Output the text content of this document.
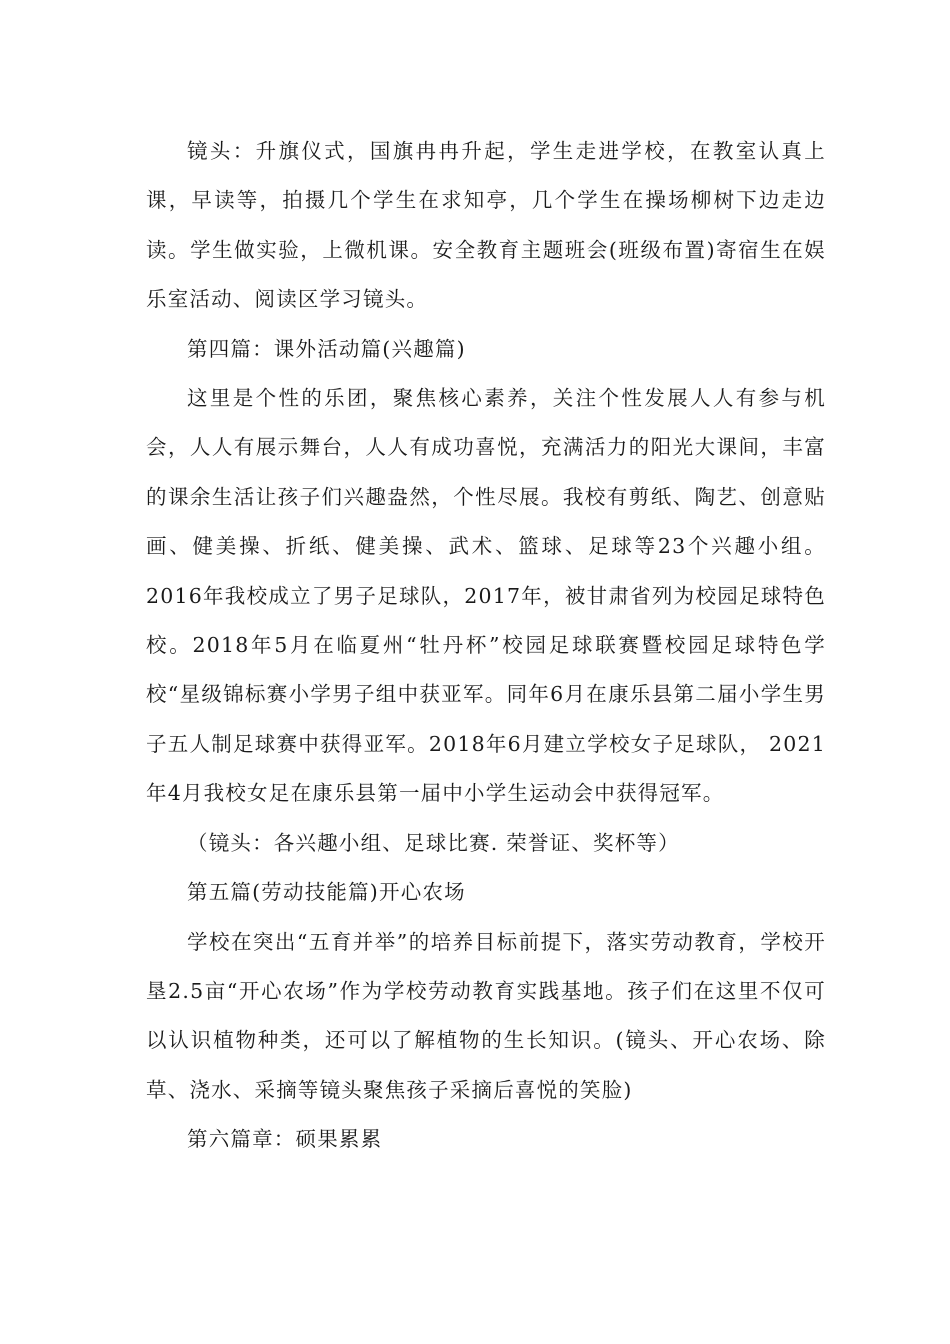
镜头：升旗仪式，国旗冉冉升起，学生走进学校，在教室认真上课，早读等，拍摄几个学生在求知亭，几个学生在操场柳树下边走边读。学生做实验，上微机课。安全教育主题班会(班级布置)寄宿生在娱乐室活动、阅读区学习镜头。

第四篇：课外活动篇(兴趣篇)

这里是个性的乐团，聚焦核心素养，关注个性发展人人有参与机会，人人有展示舞台，人人有成功喜悦，充满活力的阳光大课间，丰富的课余生活让孩子们兴趣盎然，个性尽展。我校有剪纸、陶艺、创意贴画、健美操、折纸、健美操、武术、篮球、足球等23个兴趣小组。2016年我校成立了男子足球队，2017年，被甘肃省列为校园足球特色校。2018年5月在临夏州“牡丹杯”校园足球联赛暨校园足球特色学校“星级锦标赛小学男子组中获亚军。同年6月在康乐县第二届小学生男子五人制足球赛中获得亚军。2018年6月建立学校女子足球队， 2021年4月我校女足在康乐县第一届中小学生运动会中获得冠军。

（镜头：各兴趣小组、足球比赛. 荣誉证、奖杯等）

第五篇(劳动技能篇)开心农场

学校在突出“五育并举”的培养目标前提下，落实劳动教育，学校开垦2.5亩“开心农场”作为学校劳动教育实践基地。孩子们在这里不仅可以认识植物种类，还可以了解植物的生长知识。(镜头、开心农场、除草、浇水、采摘等镜头聚焦孩子采摘后喜悦的笑脸)

第六篇章：硕果累累
